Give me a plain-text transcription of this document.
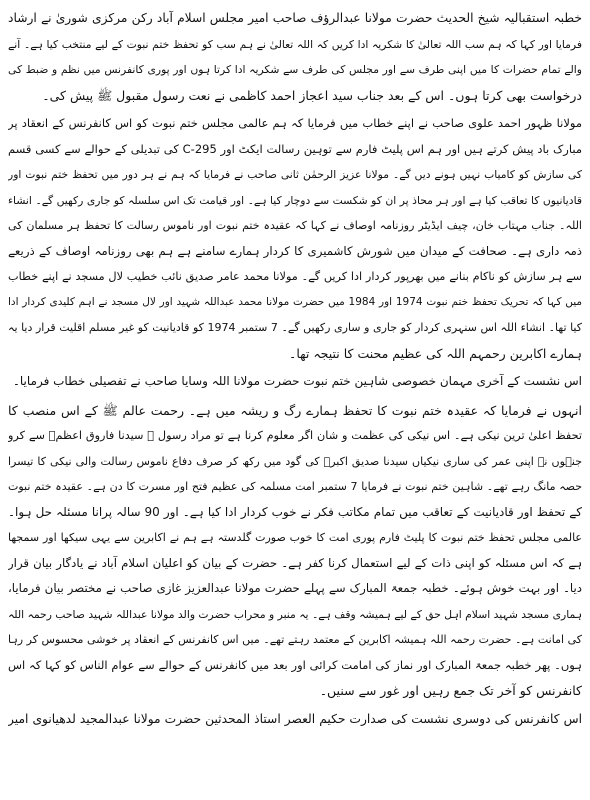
خطبہ استقبالیہ شیخ الحدیث حضرت مولانا عبدالرؤف صاحب امیر مجلس اسلام آباد رکن مرکزی شوریٰ نے ارشاد
فرمایا اور کہا کہ ہم سب اللہ تعالیٰ کا شکریہ ادا کریں کہ اللہ تعالیٰ نے ہم سب کو تحفظ ختم نبوت کے لیے منتخب کیا ہے۔ آنے
والے تمام حضرات کا میں اپنی طرف سے اور مجلس کی طرف سے شکریہ ادا کرتا ہوں اور پوری کانفرنس میں نظم و ضبط کی
درخواست بھی کرتا ہوں۔ اس کے بعد جناب سید اعجاز احمد کاظمی نے نعت رسول مقبول ﷺ پیش کی۔
مولانا ظہور احمد علوی صاحب نے اپنے خطاب میں فرمایا کہ ہم عالمی مجلس ختم نبوت کو اس کانفرنس کے انعقاد پر
مبارک باد پیش کرتے ہیں اور ہم اس پلیٹ فارم سے توہین رسالت ایکٹ اور 295-C کی تبدیلی کے حوالے سے کسی قسم
کی سازش کو کامیاب نہیں ہونے دیں گے۔ مولانا عزیز الرحمٰن ثانی صاحب نے فرمایا کہ ہم نے ہر دور میں تحفظ ختم نبوت اور
قادیانیوں کا تعاقب کیا ہے اور ہر محاذ پر ان کو شکست سے دوچار کیا ہے۔ اور قیامت تک اس سلسلہ کو جاری رکھیں گے۔ انشاء
اللہ۔ جناب مہتاب خان، چیف ایڈیٹر روزنامہ اوصاف نے کہا کہ عقیدہ ختم نبوت اور ناموس رسالت کا تحفظ ہر مسلمان کی
ذمہ داری ہے۔ صحافت کے میدان میں شورش کاشمیری کا کردار ہمارے سامنے ہے ہم بھی روزنامہ اوصاف کے ذریعے
سے ہر سازش کو ناکام بنانے میں بھرپور کردار ادا کریں گے۔ مولانا محمد عامر صدیق نائب خطیب لال مسجد نے اپنے خطاب
میں کہا کہ تحریک تحفظ ختم نبوت 1974 اور 1984 میں حضرت مولانا محمد عبداللہ شہید اور لال مسجد نے اہم کلیدی کردار ادا
کیا تھا۔ انشاء اللہ اس سنہری کردار کو جاری و ساری رکھیں گے۔ 7 ستمبر 1974 کو قادیانیت کو غیر مسلم اقلیت قرار دیا یہ
ہمارے اکابرین رحمہم اللہ کی عظیم محنت کا نتیجہ تھا۔
اس نشست کے آخری مہمان خصوصی شاہین ختم نبوت حضرت مولانا اللہ وسایا صاحب نے تفصیلی خطاب فرمایا۔
انہوں نے فرمایا کہ عقیدہ ختم نبوت کا تحفظ ہمارے رگ و ریشہ میں ہے۔ رحمت عالم ﷺ کے اس منصب کا
تحفظ اعلیٰ ترین نیکی ہے۔ اس نیکی کی عظمت و شان اگر معلوم کرنا ہے تو مراد رسول ﷺ سیدنا فاروق اعظمؓ سے کرو
جنہوں نے اپنی عمر کی ساری نیکیاں سیدنا صدیق اکبرؓ کی گود میں رکھ کر صرف دفاع ناموس رسالت والی نیکی کا تیسرا
حصہ مانگ رہے تھے۔ شاہین ختم نبوت نے فرمایا 7 ستمبر امت مسلمہ کی عظیم فتح اور مسرت کا دن ہے۔ عقیدہ ختم نبوت
کے تحفظ اور قادیانیت کے تعاقب میں تمام مکاتب فکر نے خوب کردار ادا کیا ہے۔ اور 90 سالہ پرانا مسئلہ حل ہوا۔
عالمی مجلس تحفظ ختم نبوت کا پلیٹ فارم پوری امت کا خوب صورت گلدستہ ہے ہم نے اکابرین سے یہی سیکھا اور سمجھا
ہے کہ اس مسئلہ کو اپنی ذات کے لیے استعمال کرنا کفر ہے۔ حضرت کے بیان کو اعلیان اسلام آباد نے یادگار بیان قرار
دیا۔ اور بہت خوش ہوئے۔ خطبہ جمعۃ المبارک سے پہلے حضرت مولانا عبدالعزیز غازی صاحب نے مختصر بیان فرمایا،
ہماری مسجد شہید اسلام اہل حق کے لیے ہمیشہ وقف ہے۔ یہ منبر و محراب حضرت والد مولانا عبداللہ شہید صاحب رحمہ اللہ
کی امانت ہے۔ حضرت رحمہ اللہ ہمیشہ اکابرین کے معتمد رہتے تھے۔ میں اس کانفرنس کے انعقاد پر خوشی محسوس کر رہا
ہوں۔ پھر خطبہ جمعۃ المبارک اور نماز کی امامت کرائی اور بعد میں کانفرنس کے حوالے سے عوام الناس کو کہا کہ اس
کانفرنس کو آخر تک جمع رہیں اور غور سے سنیں۔
اس کانفرنس کی دوسری نشست کی صدارت حکیم العصر استاذ المحدثین حضرت مولانا عبدالمجید لدھیانوی امیر
